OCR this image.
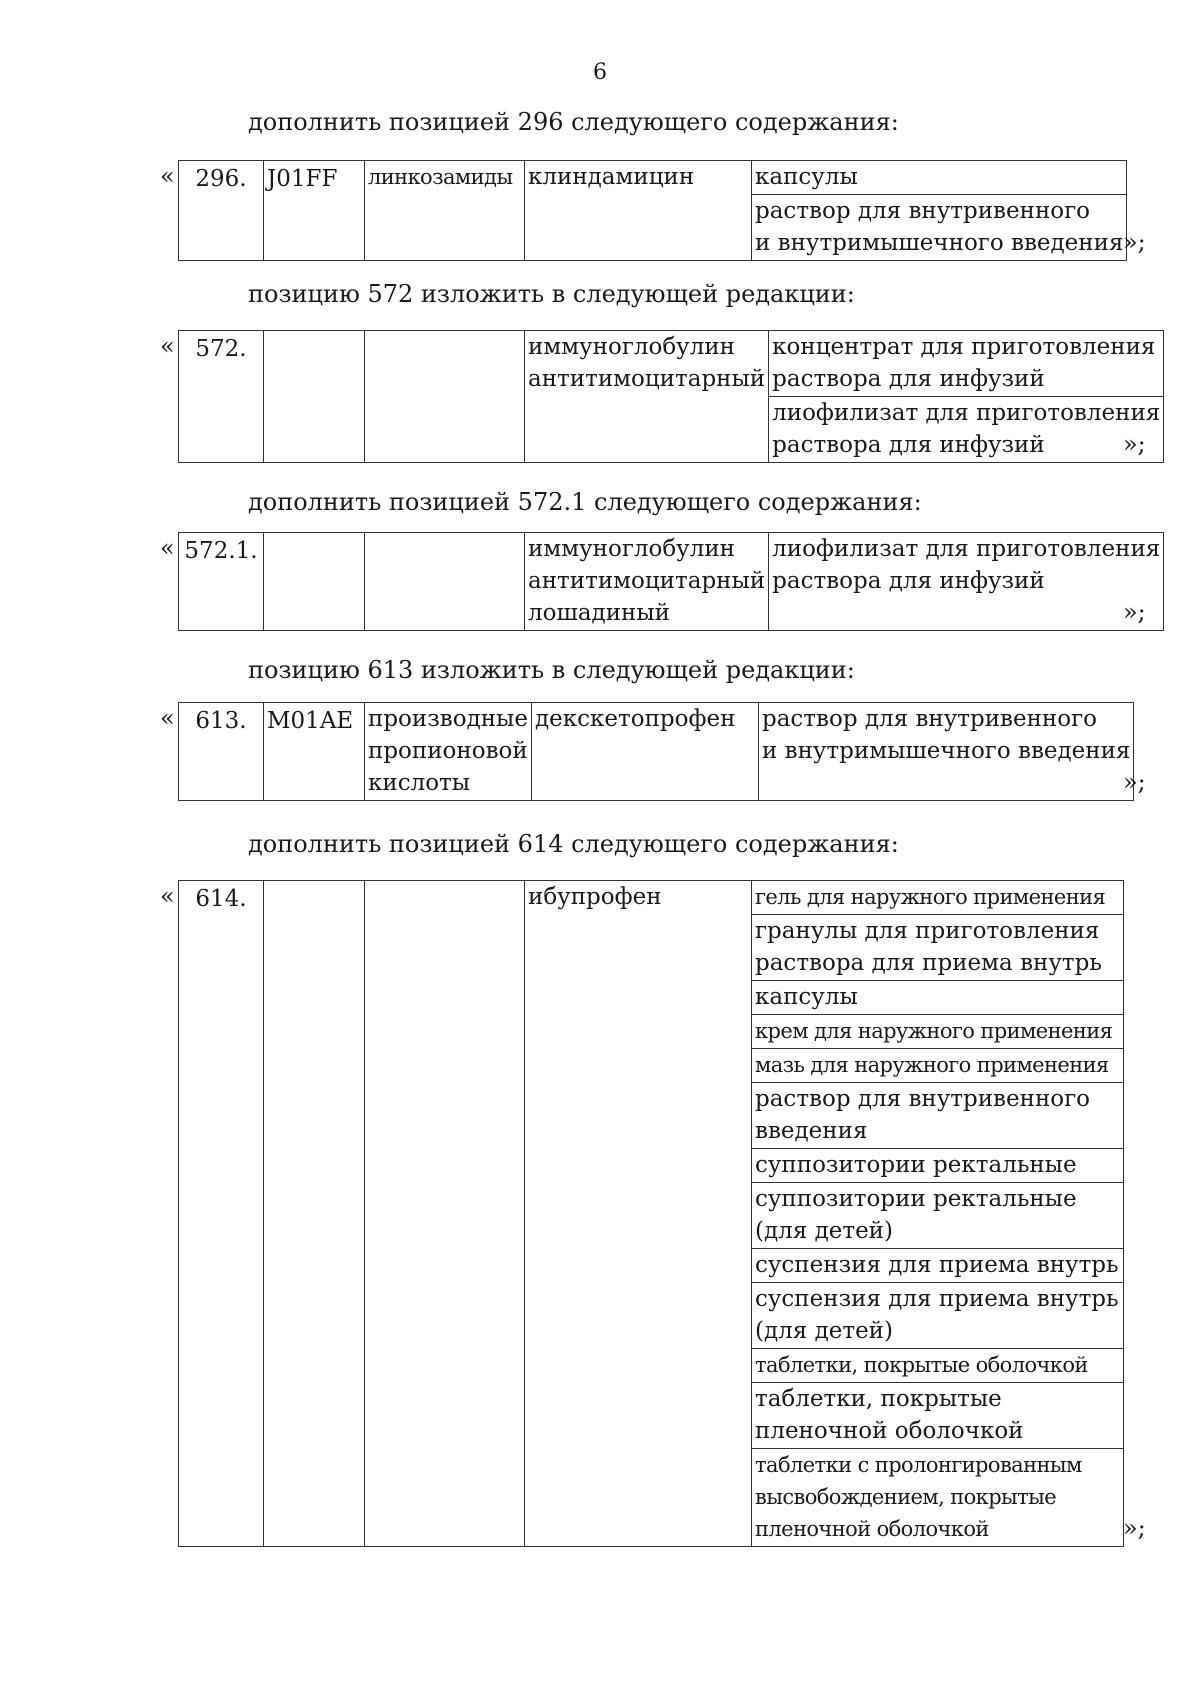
6
дополнить позицией 296 следующего содержания:
« 296.	J01FF	линкозамиды	клиндамицин	капсулы

раствор для внутривенного
и внутримышечного введения »;
позицию 572 изложить в следующей редакции:
« 572.			иммуноглобулин
антитимоцитарный

концентрат для приготовления
раствора для инфузий

лиофилизат для приготовления
раствора для инфузий	»;
дополнить позицией 572.1 следующего содержания:
« 572.1.			иммуноглобулин
антитимоцитарный
лошадиный

лиофилизат для приготовления
раствора для инфузий
»;
позицию 613 изложить в следующей редакции:
« 613.	M01AE	производные
пропионовой
кислоты

декскетопрофен	раствор для внутривенного
и внутримышечного введения
»;
дополнить позицией 614 следующего содержания:
« 614.			ибупрофен	гель для наружного применения

гранулы для приготовления
раствора для приема внутрь

капсулы

крем для наружного применения

мазь для наружного применения

раствор для внутривенного
введения

суппозитории ректальные

суппозитории ректальные
(для детей)

суспензия для приема внутрь

суспензия для приема внутрь
(для детей)

таблетки, покрытые оболочкой

таблетки, покрытые
пленочной оболочкой

таблетки с пролонгированным
высвобождением, покрытые
пленочной оболочкой	»;
